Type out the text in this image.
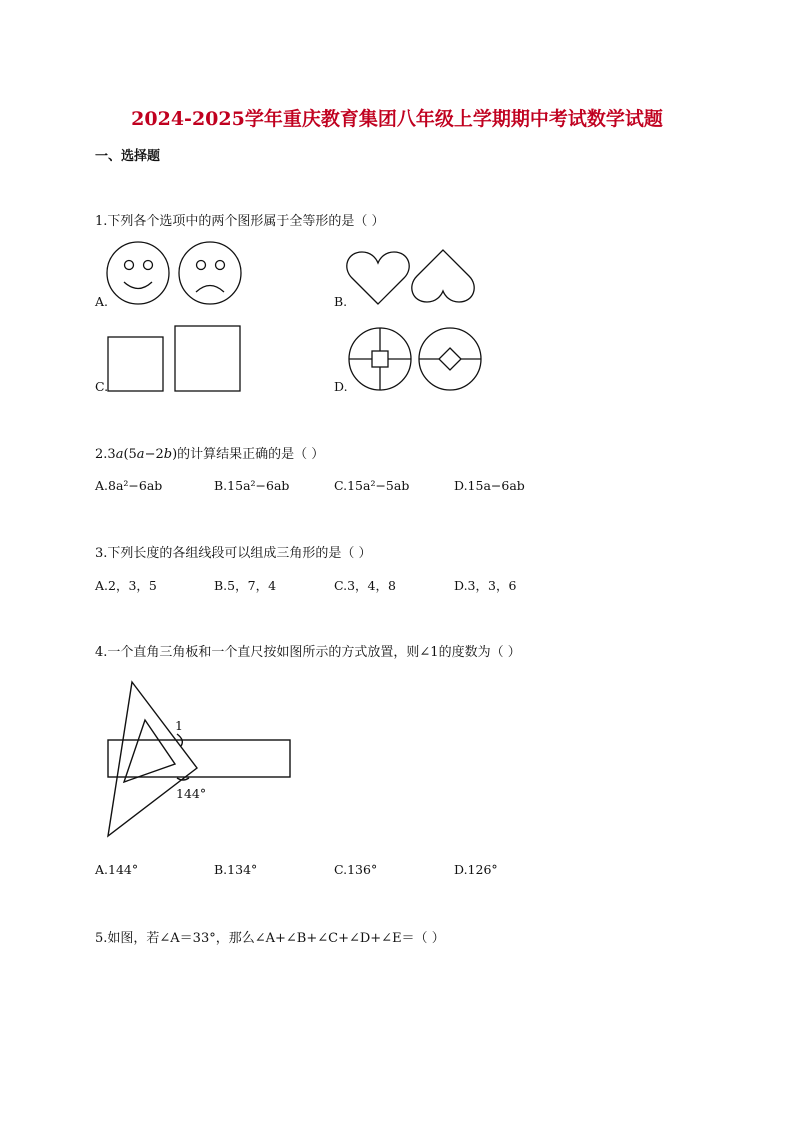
2024-2025学年重庆教育集团八年级上学期期中考试数学试题
一、选择题
1.下列各个选项中的两个图形属于全等形的是（ ）
A.	B.
C.	D.
2.3a(5a−2b)的计算结果正确的是（ ）
A.8a²−6ab	B.15a²−6ab	C.15a²−5ab	D.15a−6ab
3.下列长度的各组线段可以组成三角形的是（ ）
A.2，3，5	B.5，7，4	C.3，4，8	D.3，3，6
4.一个直角三角板和一个直尺按如图所示的方式放置，则∠1的度数为（ ）
1
144°
A.144°	B.134°	C.136°	D.126°
5.如图，若∠A＝33°，那么∠A+∠B+∠C+∠D+∠E＝（ ）
